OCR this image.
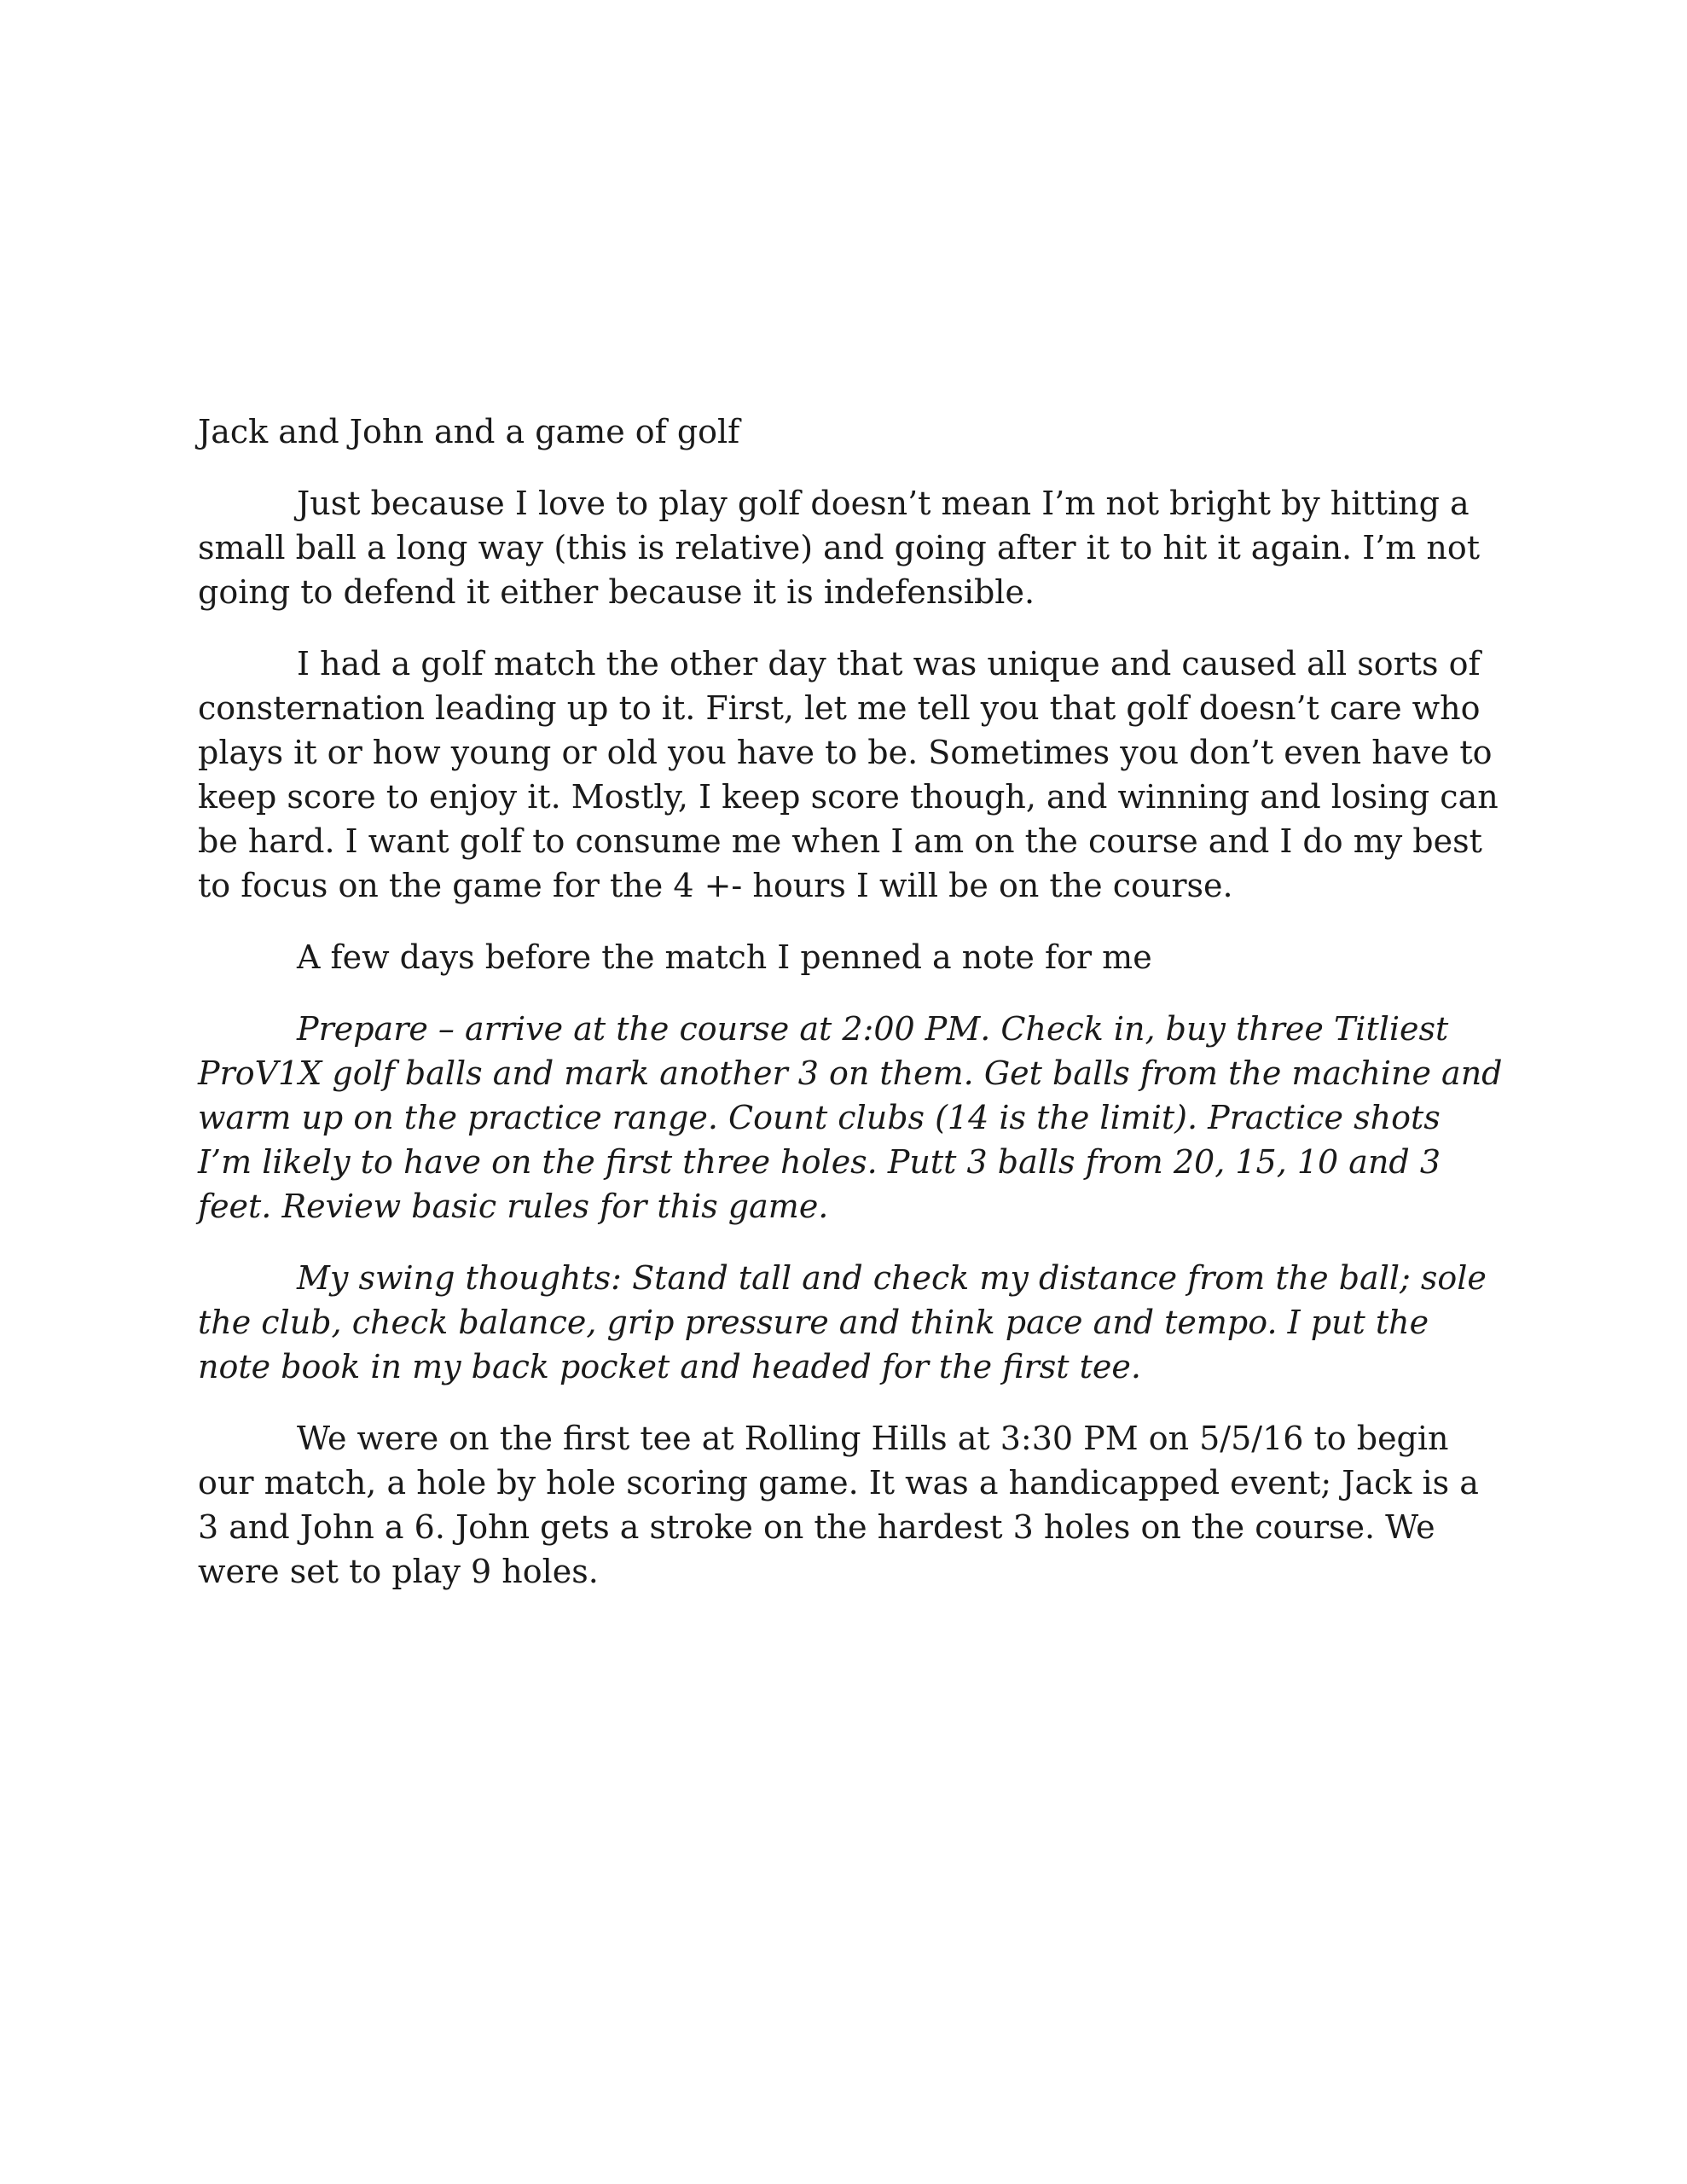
Jack and John and a game of golf

Just because I love to play golf doesn’t mean I’m not bright by hitting a small ball a long way (this is relative) and going after it to hit it again. I’m not going to defend it either because it is indefensible.

I had a golf match the other day that was unique and caused all sorts of consternation leading up to it. First, let me tell you that golf doesn’t care who plays it or how young or old you have to be. Sometimes you don’t even have to keep score to enjoy it. Mostly, I keep score though, and winning and losing can be hard. I want golf to consume me when I am on the course and I do my best to focus on the game for the 4 +- hours I will be on the course.

A few days before the match I penned a note for me

Prepare – arrive at the course at 2:00 PM. Check in, buy three Titliest ProV1X golf balls and mark another 3 on them. Get balls from the machine and warm up on the practice range. Count clubs (14 is the limit). Practice shots I’m likely to have on the first three holes. Putt 3 balls from 20, 15, 10 and 3 feet. Review basic rules for this game.

My swing thoughts: Stand tall and check my distance from the ball; sole the club, check balance, grip pressure and think pace and tempo. I put the note book in my back pocket and headed for the first tee.

We were on the first tee at Rolling Hills at 3:30 PM on 5/5/16 to begin our match, a hole by hole scoring game. It was a handicapped event; Jack is a 3 and John a 6. John gets a stroke on the hardest 3 holes on the course. We were set to play 9 holes.
